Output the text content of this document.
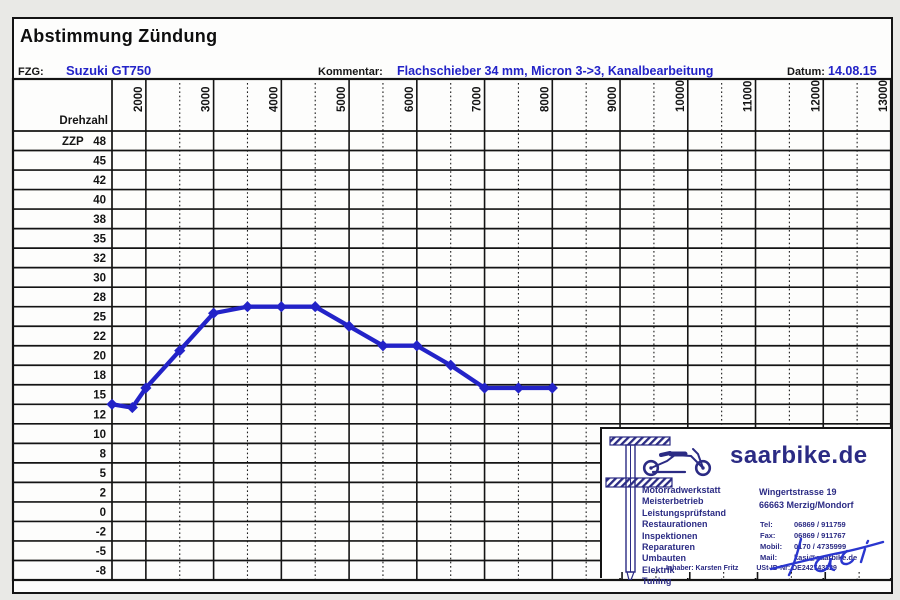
Abstimmung Zündung
FZG: Suzuki GT750	Kommentar: Flachschieber 34 mm, Micron 3->3, Kanalbearbeitung	Datum: 14.08.15
2000	3000	4000	5000	6000	7000	8000	9000	10000	11000	12000	13000
Drehzahl
48
45
42
40
38
35
32
30
28
25
22
20
18
15
12
10
8
5
2
0
-2
-5
-8
ZZP
saarbike.de
Motorradwerkstatt
Meisterbetrieb
Leistungsprüfstand
Restaurationen
Inspektionen
Reparaturen
Umbauten
Elektrik
Tuning
Wingertstrasse 19
66663 Merzig/Mondorf
Tel:	06869 / 911759
Fax: 06869 / 911767
Mobil: 0170 / 4735999
Mail: kasi@saarbike.de
Inhaber: Karsten Fritz	USt-ID-Nr: DE242743329
